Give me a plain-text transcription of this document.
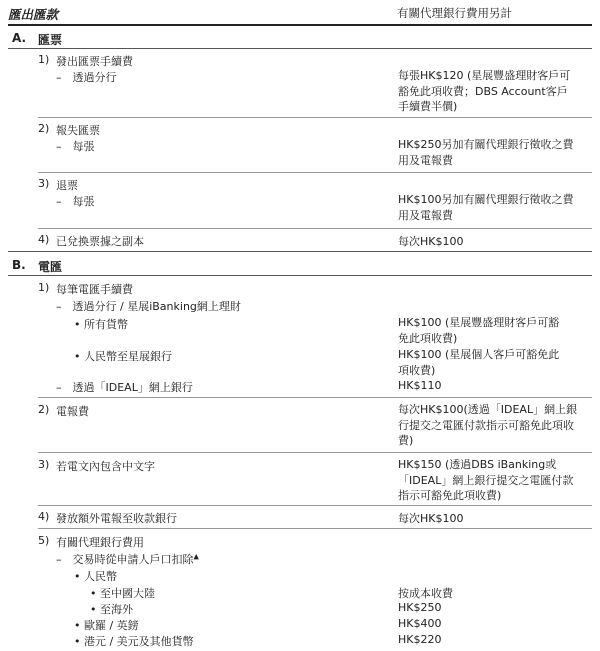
匯出匯款	有關代理銀行費用另計
A. 匯票
1) 發出匯票手續費
–　透過分行	每張HK$120 (星展豐盛理財客戶可豁免此項收費；DBS Account客戶手續費半價)
2) 報失匯票
–　每張	HK$250另加有關代理銀行徵收之費用及電報費
3) 退票
–　每張	HK$100另加有關代理銀行徵收之費用及電報費
4) 已兌換票據之副本	每次HK$100
B. 電匯
1) 每筆電匯手續費
–　透過分行 / 星展iBanking網上理財
• 所有貨幣	HK$100 (星展豐盛理財客戶可豁免此項收費)
• 人民幣至星展銀行	HK$100 (星展個人客戶可豁免此項收費)
–　透過「IDEAL」網上銀行	HK$110
2) 電報費	每次HK$100(透過「IDEAL」網上銀行提交之電匯付款指示可豁免此項收費)
3) 若電文內包含中文字	HK$150 (透過DBS iBanking或「IDEAL」網上銀行提交之電匯付款指示可豁免此項收費)
4) 發放額外電報至收款銀行	每次HK$100
5) 有關代理銀行費用
–　交易時從申請人戶口扣除▲
• 人民幣
• 至中國大陸	按成本收費
• 至海外	HK$250
• 歐羅 / 英鎊	HK$400
• 港元 / 美元及其他貨幣	HK$220
